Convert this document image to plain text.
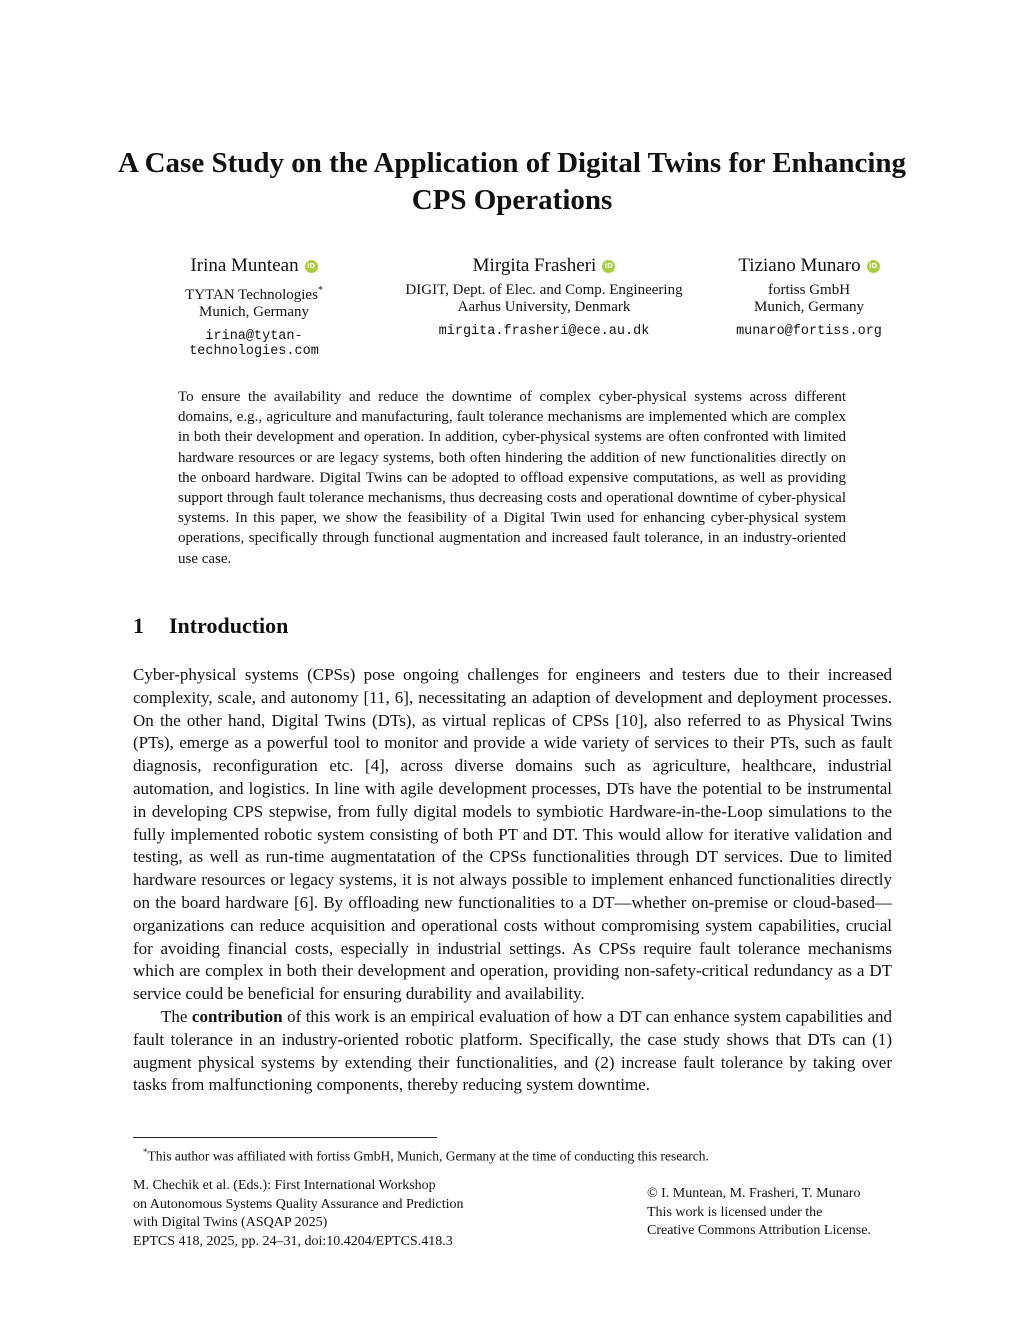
A Case Study on the Application of Digital Twins for Enhancing CPS Operations
Irina Muntean	iD
TYTAN Technologies*
Munich, Germany
irina@tytan-technologies.com
Mirgita Frasheri	iD
DIGIT, Dept. of Elec. and Comp. Engineering
Aarhus University, Denmark
mirgita.frasheri@ece.au.dk
Tiziano Munaro	iD
fortiss GmbH
Munich, Germany
munaro@fortiss.org

To ensure the availability and reduce the downtime of complex cyber-physical systems across different domains, e.g., agriculture and manufacturing, fault tolerance mechanisms are implemented which are complex in both their development and operation. In addition, cyber-physical systems are often confronted with limited hardware resources or are legacy systems, both often hindering the addition of new functionalities directly on the onboard hardware. Digital Twins can be adopted to offload expensive computations, as well as providing support through fault tolerance mechanisms, thus decreasing costs and operational downtime of cyber-physical systems. In this paper, we show the feasibility of a Digital Twin used for enhancing cyber-physical system operations, specifically through functional augmentation and increased fault tolerance, in an industry-oriented use case.

1 Introduction

Cyber-physical systems (CPSs) pose ongoing challenges for engineers and testers due to their increased complexity, scale, and autonomy [11, 6], necessitating an adaption of development and deployment processes. On the other hand, Digital Twins (DTs), as virtual replicas of CPSs [10], also referred to as Physical Twins (PTs), emerge as a powerful tool to monitor and provide a wide variety of services to their PTs, such as fault diagnosis, reconfiguration etc. [4], across diverse domains such as agriculture, healthcare, industrial automation, and logistics. In line with agile development processes, DTs have the potential to be instrumental in developing CPS stepwise, from fully digital models to symbiotic Hardware-in-the-Loop simulations to the fully implemented robotic system consisting of both PT and DT. This would allow for iterative validation and testing, as well as run-time augmentatation of the CPSs functionalities through DT services. Due to limited hardware resources or legacy systems, it is not always possible to implement enhanced functionalities directly on the board hardware [6]. By offloading new functionalities to a DT—whether on-premise or cloud-based—organizations can reduce acquisition and operational costs without compromising system capabilities, crucial for avoiding financial costs, especially in industrial settings. As CPSs require fault tolerance mechanisms which are complex in both their development and operation, providing non-safety-critical redundancy as a DT service could be beneficial for ensuring durability and availability.

The contribution of this work is an empirical evaluation of how a DT can enhance system capabilities and fault tolerance in an industry-oriented robotic platform. Specifically, the case study shows that DTs can (1) augment physical systems by extending their functionalities, and (2) increase fault tolerance by taking over tasks from malfunctioning components, thereby reducing system downtime.

*This author was affiliated with fortiss GmbH, Munich, Germany at the time of conducting this research.
M. Chechik et al. (Eds.): First International Workshop
on Autonomous Systems Quality Assurance and Prediction
with Digital Twins (ASQAP 2025)
EPTCS 418, 2025, pp. 24–31, doi:10.4204/EPTCS.418.3
© I. Muntean, M. Frasheri, T. Munaro
This work is licensed under the
Creative Commons Attribution License.
